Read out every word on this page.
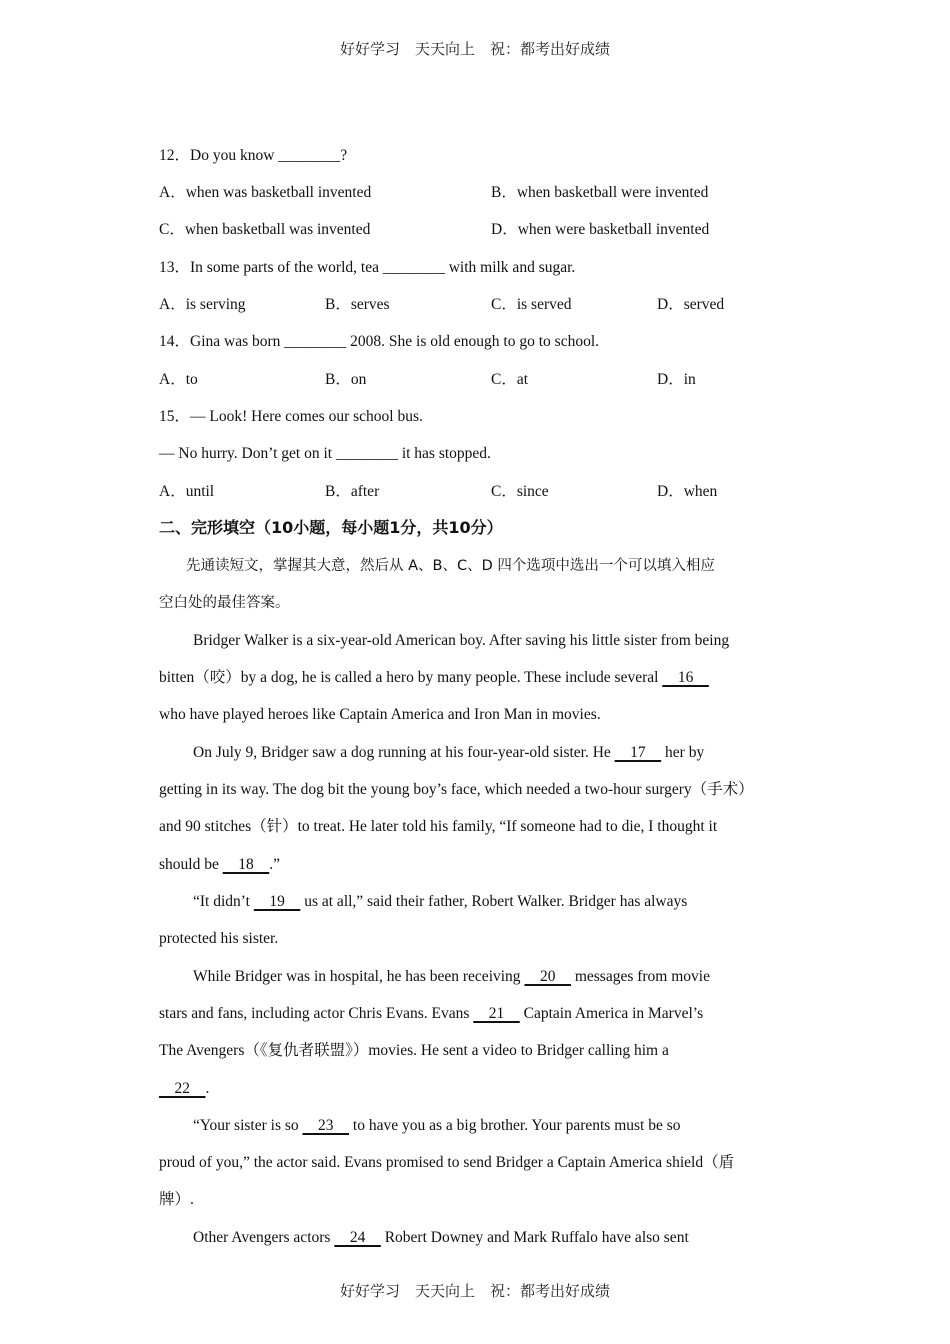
好好学习　天天向上　祝：都考出好成绩
12．Do you know ________?
A．when was basketball invented	B．when basketball were invented
C．when basketball was invented	D．when were basketball invented
13．In some parts of the world, tea ________ with milk and sugar.
A．is serving	B．serves	C．is served	D．served
14．Gina was born ________ 2008. She is old enough to go to school.
A．to	B．on	C．at	D．in
15．— Look! Here comes our school bus.
— No hurry. Don’t get on it ________ it has stopped.
A．until	B．after	C．since	D．when
二、完形填空（10小题，每小题1分，共10分）
先通读短文，掌握其大意，然后从 A、B、C、D 四个选项中选出一个可以填入相应
空白处的最佳答案。
Bridger Walker is a six-year-old American boy. After saving his little sister from being
bitten（咬）by a dog, he is called a hero by many people. These include several     16
who have played heroes like Captain America and Iron Man in movies.
On July 9, Bridger saw a dog running at his four-year-old sister. He     17     her by
getting in its way. The dog bit the young boy’s face, which needed a two-hour surgery（手术）
and 90 stitches（针）to treat. He later told his family, “If someone had to die, I thought it
should be     18    .”
“It didn’t     19     us at all,” said their father, Robert Walker. Bridger has always
protected his sister.
While Bridger was in hospital, he has been receiving     20     messages from movie
stars and fans, including actor Chris Evans. Evans     21     Captain America in Marvel’s
The Avengers（《复仇者联盟》）movies. He sent a video to Bridger calling him a
22    .
“Your sister is so     23     to have you as a big brother. Your parents must be so
proud of you,” the actor said. Evans promised to send Bridger a Captain America shield（盾
牌）.
Other Avengers actors     24     Robert Downey and Mark Ruffalo have also sent
好好学习　天天向上　祝：都考出好成绩
